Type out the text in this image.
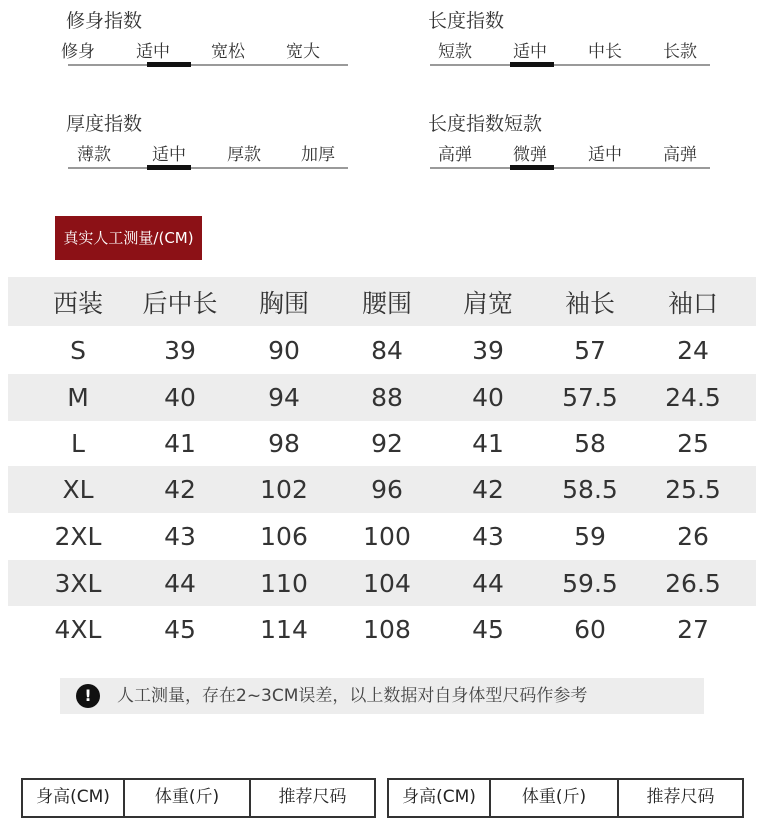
修身指数
修身	适中	宽松	宽大
长度指数
短款	适中	中长	长款
厚度指数
薄款	适中	厚款	加厚
长度指数短款
高弹	微弹	适中	高弹
真实人工测量/(CM)
西装	后中长	胸围	腰围	肩宽	袖长	袖口
S	39	90	84	39	57	24
M	40	94	88	40	57.5	24.5
L	41	98	92	41	58	25
XL	42	102	96	42	58.5	25.5
2XL	43	106	100	43	59	26
3XL	44	110	104	44	59.5	26.5
4XL	45	114	108	45	60	27
!	人工测量，存在2~3CM误差，以上数据对自身体型尺码作参考
身高(CM)	体重(斤)	推荐尺码	身高(CM)	体重(斤)	推荐尺码
